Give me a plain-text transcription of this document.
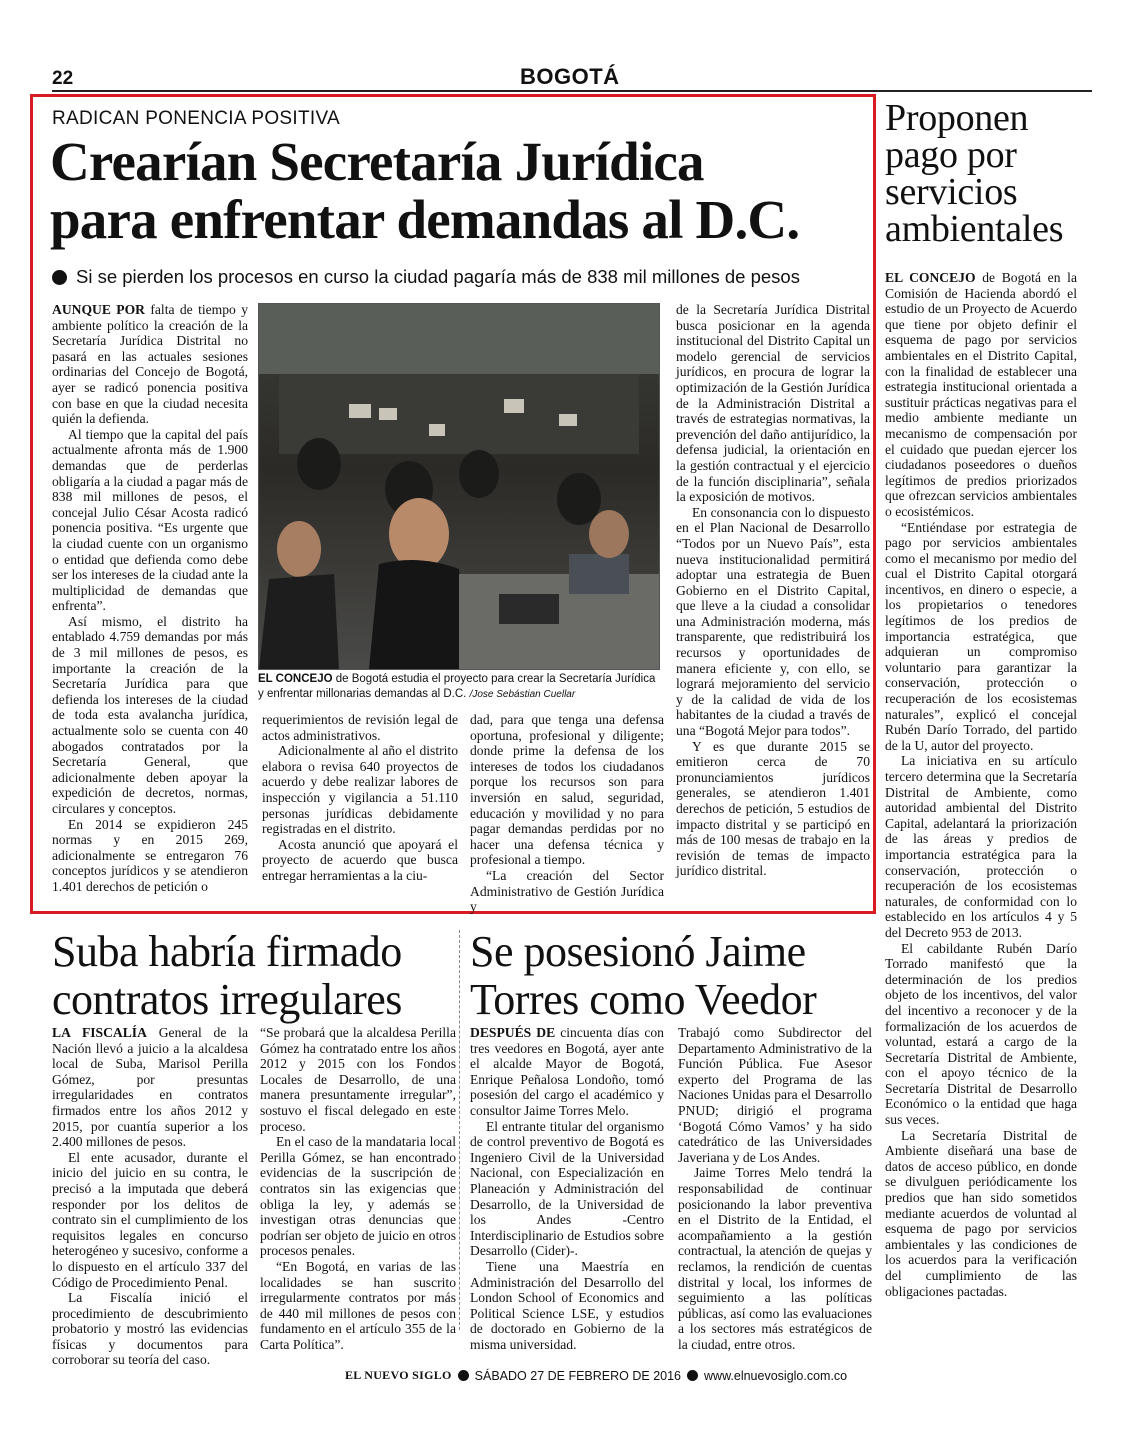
22	BOGOTÁ
RADICAN PONENCIA POSITIVA
Crearían Secretaría Jurídica
para enfrentar demandas al D.C.
Si se pierden los procesos en curso la ciudad pagaría más de 838 mil millones de pesos

AUNQUE POR falta de tiempo y ambiente político la creación de la Secretaría Jurídica Distrital no pasará en las actuales sesiones ordinarias del Concejo de Bogotá, ayer se radicó ponencia positiva con base en que la ciudad necesita quién la defienda.

Al tiempo que la capital del país actualmente afronta más de 1.900 demandas que de perderlas obligaría a la ciudad a pagar más de 838 mil millones de pesos, el concejal Julio César Acosta radicó ponencia positiva. “Es urgente que la ciudad cuente con un organismo o entidad que defienda como debe ser los intereses de la ciudad ante la multiplicidad de demandas que enfrenta”.

Así mismo, el distrito ha entablado 4.759 demandas por más de 3 mil millones de pesos, es importante la creación de la Secretaría Jurídica para que defienda los intereses de la ciudad de toda esta avalancha jurídica, actualmente solo se cuenta con 40 abogados contratados por la Secretaría General, que adicionalmente deben apoyar la expedición de decretos, normas, circulares y conceptos.

En 2014 se expidieron 245 normas y en 2015 269, adicionalmente se entregaron 76 conceptos jurídicos y se atendieron 1.401 derechos de petición o

EL CONCEJO de Bogotá estudia el proyecto para crear la Secretaría Jurídica y enfrentar millonarias demandas al D.C. /Jose Sebástian Cuellar

requerimientos de revisión legal de actos administrativos.

Adicionalmente al año el distrito elabora o revisa 640 proyectos de acuerdo y debe realizar labores de inspección y vigilancia a 51.110 personas jurídicas debidamente registradas en el distrito.

Acosta anunció que apoyará el proyecto de acuerdo que busca entregar herramientas a la ciu-

dad, para que tenga una defensa oportuna, profesional y diligente; donde prime la defensa de los intereses de todos los ciudadanos porque los recursos son para inversión en salud, seguridad, educación y movilidad y no para pagar demandas perdidas por no hacer una defensa técnica y profesional a tiempo.

“La creación del Sector Administrativo de Gestión Jurídica y

de la Secretaría Jurídica Distrital busca posicionar en la agenda institucional del Distrito Capital un modelo gerencial de servicios jurídicos, en procura de lograr la optimización de la Gestión Jurídica de la Administración Distrital a través de estrategias normativas, la prevención del daño antijurídico, la defensa judicial, la orientación en la gestión contractual y el ejercicio de la función disciplinaria”, señala la exposición de motivos.

En consonancia con lo dispuesto en el Plan Nacional de Desarrollo “Todos por un Nuevo País”, esta nueva institucionalidad permitirá adoptar una estrategia de Buen Gobierno en el Distrito Capital, que lleve a la ciudad a consolidar una Administración moderna, más transparente, que redistribuirá los recursos y oportunidades de manera eficiente y, con ello, se logrará mejoramiento del servicio y de la calidad de vida de los habitantes de la ciudad a través de una “Bogotá Mejor para todos”.

Y es que durante 2015 se emitieron cerca de 70 pronunciamientos jurídicos generales, se atendieron 1.401 derechos de petición, 5 estudios de impacto distrital y se participó en más de 100 mesas de trabajo en la revisión de temas de impacto jurídico distrital.

Proponen pago por servicios ambientales

EL CONCEJO de Bogotá en la Comisión de Hacienda abordó el estudio de un Proyecto de Acuerdo que tiene por objeto definir el esquema de pago por servicios ambientales en el Distrito Capital, con la finalidad de establecer una estrategia institucional orientada a sustituir prácticas negativas para el medio ambiente mediante un mecanismo de compensación por el cuidado que puedan ejercer los ciudadanos poseedores o dueños legítimos de predios priorizados que ofrezcan servicios ambientales o ecosistémicos.

“Entiéndase por estrategia de pago por servicios ambientales como el mecanismo por medio del cual el Distrito Capital otorgará incentivos, en dinero o especie, a los propietarios o tenedores legítimos de los predios de importancia estratégica, que adquieran un compromiso voluntario para garantizar la conservación, protección o recuperación de los ecosistemas naturales”, explicó el concejal Rubén Darío Torrado, del partido de la U, autor del proyecto.

La iniciativa en su artículo tercero determina que la Secretaría Distrital de Ambiente, como autoridad ambiental del Distrito Capital, adelantará la priorización de las áreas y predios de importancia estratégica para la conservación, protección o recuperación de los ecosistemas naturales, de conformidad con lo establecido en los artículos 4 y 5 del Decreto 953 de 2013.

El cabildante Rubén Darío Torrado manifestó que la determinación de los predios objeto de los incentivos, del valor del incentivo a reconocer y de la formalización de los acuerdos de voluntad, estará a cargo de la Secretaría Distrital de Ambiente, con el apoyo técnico de la Secretaría Distrital de Desarrollo Económico o la entidad que haga sus veces.

La Secretaría Distrital de Ambiente diseñará una base de datos de acceso público, en donde se divulguen periódicamente los predios que han sido sometidos mediante acuerdos de voluntad al esquema de pago por servicios ambientales y las condiciones de los acuerdos para la verificación del cumplimiento de las obligaciones pactadas.

Suba habría firmado contratos irregulares

LA FISCALÍA General de la Nación llevó a juicio a la alcaldesa local de Suba, Marisol Perilla Gómez, por presuntas irregularidades en contratos firmados entre los años 2012 y 2015, por cuantía superior a los 2.400 millones de pesos.

El ente acusador, durante el inicio del juicio en su contra, le precisó a la imputada que deberá responder por los delitos de contrato sin el cumplimiento de los requisitos legales en concurso heterogéneo y sucesivo, conforme a lo dispuesto en el artículo 337 del Código de Procedimiento Penal.

La Fiscalía inició el procedimiento de descubrimiento probatorio y mostró las evidencias físicas y documentos para corroborar su teoría del caso.

“Se probará que la alcaldesa Perilla Gómez ha contratado entre los años 2012 y 2015 con los Fondos Locales de Desarrollo, de una manera presuntamente irregular”, sostuvo el fiscal delegado en este proceso.

En el caso de la mandataria local Perilla Gómez, se han encontrado evidencias de la suscripción de contratos sin las exigencias que obliga la ley, y además se investigan otras denuncias que podrían ser objeto de juicio en otros procesos penales.

“En Bogotá, en varias de las localidades se han suscrito irregularmente contratos por más de 440 mil millones de pesos con fundamento en el artículo 355 de la Carta Política”.

Se posesionó Jaime Torres como Veedor

DESPUÉS DE cincuenta días con tres veedores en Bogotá, ayer ante el alcalde Mayor de Bogotá, Enrique Peñalosa Londoño, tomó posesión del cargo el académico y consultor Jaime Torres Melo.

El entrante titular del organismo de control preventivo de Bogotá es Ingeniero Civil de la Universidad Nacional, con Especialización en Planeación y Administración del Desarrollo, de la Universidad de los Andes -Centro Interdisciplinario de Estudios sobre Desarrollo (Cider)-.

Tiene una Maestría en Administración del Desarrollo del London School of Economics and Political Science LSE, y estudios de doctorado en Gobierno de la misma universidad.

Trabajó como Subdirector del Departamento Administrativo de la Función Pública. Fue Asesor experto del Programa de las Naciones Unidas para el Desarrollo PNUD; dirigió el programa ‘Bogotá Cómo Vamos’ y ha sido catedrático de las Universidades Javeriana y de Los Andes.

Jaime Torres Melo tendrá la responsabilidad de continuar posicionando la labor preventiva en el Distrito de la Entidad, el acompañamiento a la gestión contractual, la atención de quejas y reclamos, la rendición de cuentas distrital y local, los informes de seguimiento a las políticas públicas, así como las evaluaciones a los sectores más estratégicos de la ciudad, entre otros.

EL NUEVO SIGLO SÁBADO 27 DE FEBRERO DE 2016 www.elnuevosiglo.com.co
